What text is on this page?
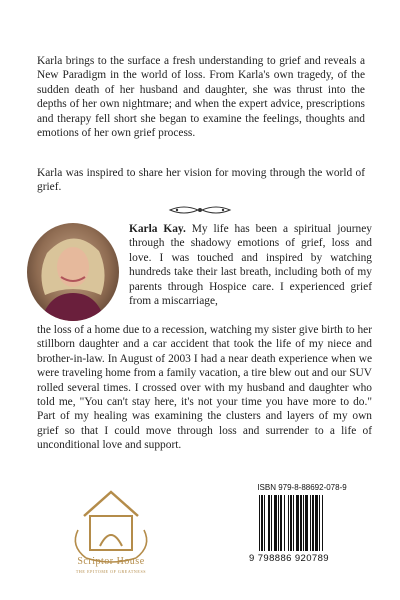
Karla brings to the surface a fresh understanding to grief and reveals a New Paradigm in the world of loss. From Karla's own tragedy, of the sudden death of her husband and daughter, she was thrust into the depths of her own nightmare; and when the expert advice, prescriptions and therapy fell short she began to examine the feelings, thoughts and emotions of her own grief process.

Karla was inspired to share her vision for moving through the world of grief.

Karla Kay. My life has been a spiritual journey through the shadowy emotions of grief, loss and love. I was touched and inspired by watching hundreds take their last breath, including both of my parents through Hospice care. I experienced grief from a miscarriage,

the loss of a home due to a recession, watching my sister give birth to her stillborn daughter and a car accident that took the life of my niece and brother-in-law. In August of 2003 I had a near death experience when we were traveling home from a family vacation, a tire blew out and our SUV rolled several times. I crossed over with my husband and daughter who told me, "You can't stay here, it's not your time you have more to do." Part of my healing was examining the clusters and layers of my own grief so that I could move through loss and surrender to a life of unconditional love and support.

Scriptor House
THE EPITOME OF GREATNESS
ISBN 979-8-88692-078-9
9 798886 920789
